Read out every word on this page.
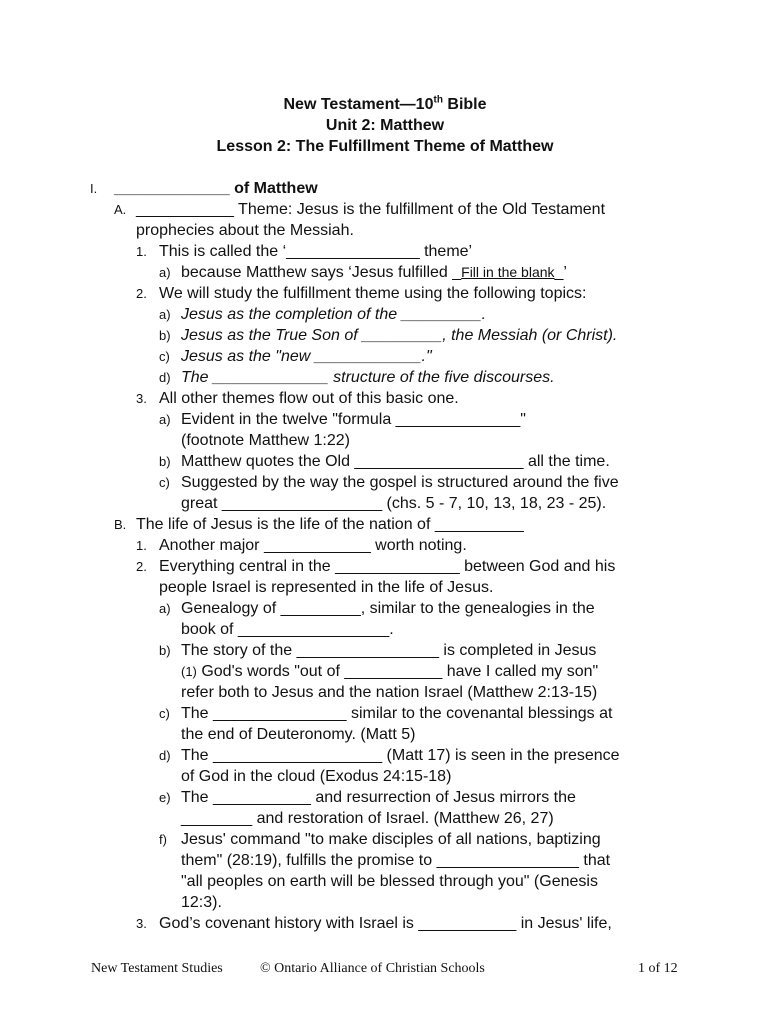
New Testament—10th Bible
Unit 2: Matthew
Lesson 2: The Fulfillment Theme of Matthew
I. _____________ of Matthew
A. ___________ Theme: Jesus is the fulfillment of the Old Testament
prophecies about the Messiah.
1. This is called the ‘_______________ theme’
a) because Matthew says ‘Jesus fulfilled _Fill in the blank_’
2. We will study the fulfillment theme using the following topics:
a) Jesus as the completion of the _________.
b) Jesus as the True Son of _________, the Messiah (or Christ).
c) Jesus as the "new ____________."
d) The _____________ structure of the five discourses.
3. All other themes flow out of this basic one.
a) Evident in the twelve "formula ______________"
(footnote Matthew 1:22)
b) Matthew quotes the Old ___________________ all the time.
c) Suggested by the way the gospel is structured around the five
great __________________ (chs. 5 - 7, 10, 13, 18, 23 - 25).
B. The life of Jesus is the life of the nation of __________
1. Another major ____________ worth noting.
2. Everything central in the ______________ between God and his
people Israel is represented in the life of Jesus.
a) Genealogy of _________, similar to the genealogies in the
book of _________________.
b) The story of the ________________ is completed in Jesus
(1) God's words "out of ___________ have I called my son"
refer both to Jesus and the nation Israel (Matthew 2:13-15)
c) The _______________ similar to the covenantal blessings at
the end of Deuteronomy. (Matt 5)
d) The ___________________ (Matt 17) is seen in the presence
of God in the cloud (Exodus 24:15-18)
e) The ___________ and resurrection of Jesus mirrors the
________ and restoration of Israel. (Matthew 26, 27)
f) Jesus' command "to make disciples of all nations, baptizing
them" (28:19), fulfills the promise to ________________ that
"all peoples on earth will be blessed through you" (Genesis
12:3).
3. God’s covenant history with Israel is ___________ in Jesus' life,
New Testament Studies	© Ontario Alliance of Christian Schools	1 of 12
